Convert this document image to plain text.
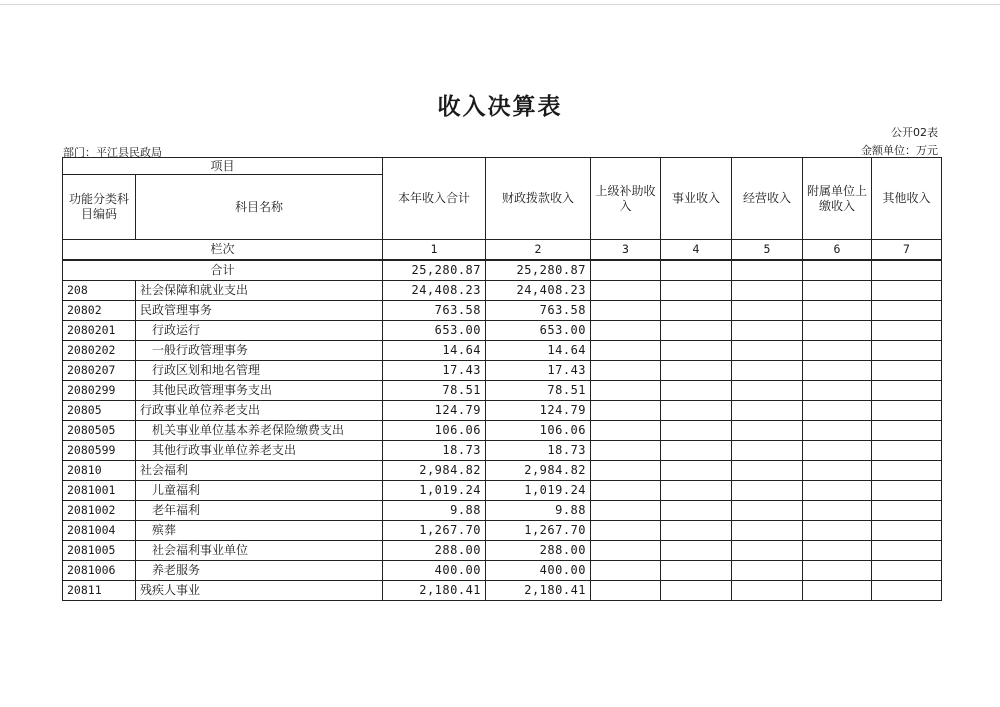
收入决算表
公开02表
部门：平江县民政局	金额单位：万元
项目		本年收入合计	财政拨款收入	上级补助收入	事业收入	经营收入	附属单位上缴收入	其他收入
功能分类科目编码	科目名称							
栏次		1	2	3	4	5	6	7
合计		25,280.87	25,280.87					
208	社会保障和就业支出	24,408.23	24,408.23					
20802	民政管理事务	763.58	763.58					
2080201	行政运行	653.00	653.00					
2080202	一般行政管理事务	14.64	14.64					
2080207	行政区划和地名管理	17.43	17.43					
2080299	其他民政管理事务支出	78.51	78.51					
20805	行政事业单位养老支出	124.79	124.79					
2080505	机关事业单位基本养老保险缴费支出	106.06	106.06					
2080599	其他行政事业单位养老支出	18.73	18.73					
20810	社会福利	2,984.82	2,984.82					
2081001	儿童福利	1,019.24	1,019.24					
2081002	老年福利	9.88	9.88					
2081004	殡葬	1,267.70	1,267.70					
2081005	社会福利事业单位	288.00	288.00					
2081006	养老服务	400.00	400.00					
20811	残疾人事业	2,180.41	2,180.41					
